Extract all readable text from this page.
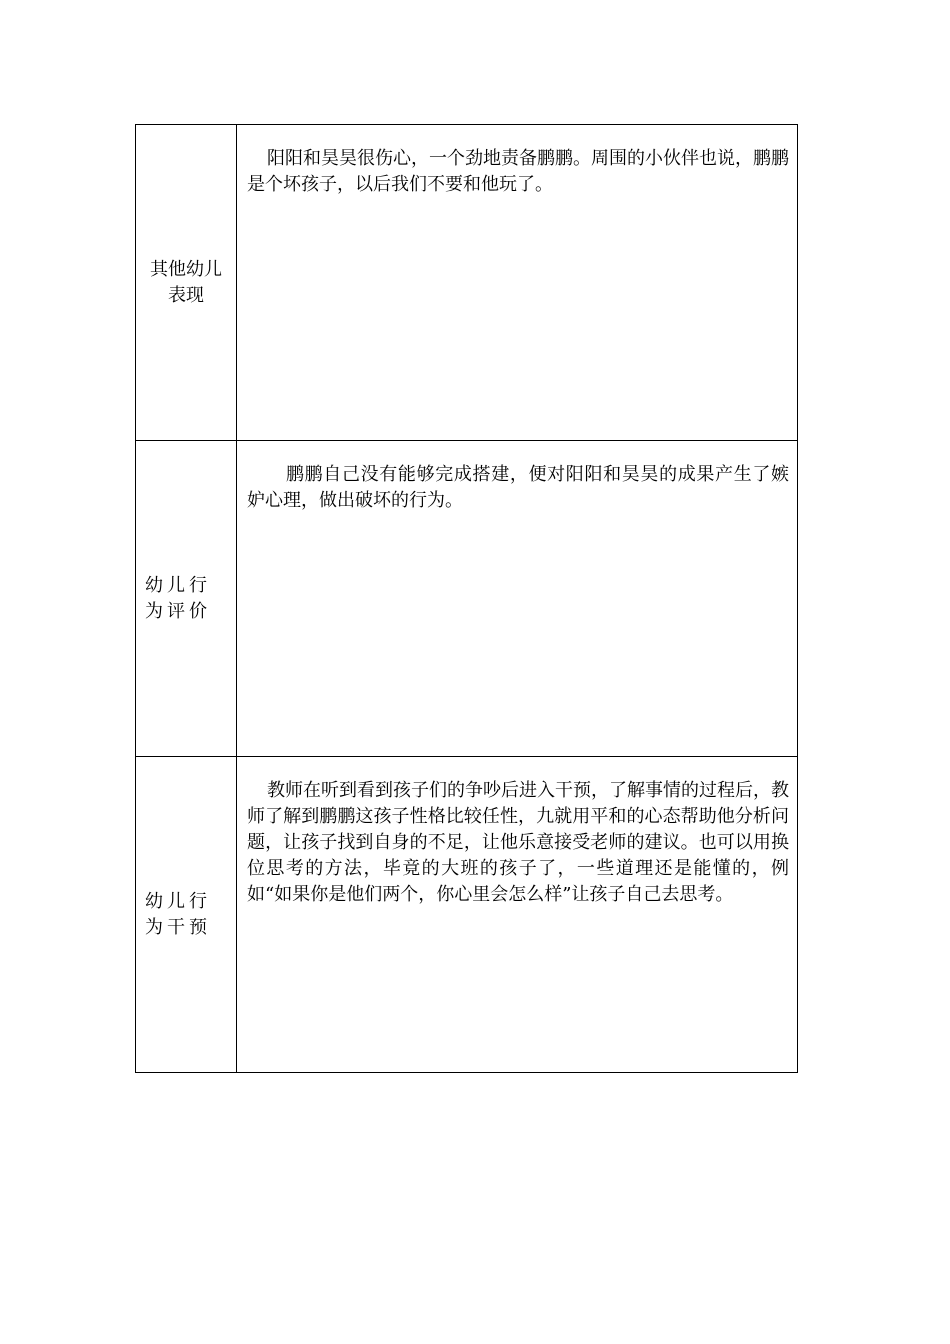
其他幼儿表现	阳阳和昊昊很伤心，一个劲地责备鹏鹏。周围的小伙伴也说，鹏鹏是个坏孩子，以后我们不要和他玩了。

幼儿行为评价	鹏鹏自己没有能够完成搭建，便对阳阳和昊昊的成果产生了嫉妒心理，做出破坏的行为。

幼儿行为干预	教师在听到看到孩子们的争吵后进入干预，了解事情的过程后，教师了解到鹏鹏这孩子性格比较任性，九就用平和的心态帮助他分析问题，让孩子找到自身的不足，让他乐意接受老师的建议。也可以用换位思考的方法，毕竟的大班的孩子了，一些道理还是能懂的，例如“如果你是他们两个，你心里会怎么样”让孩子自己去思考。
